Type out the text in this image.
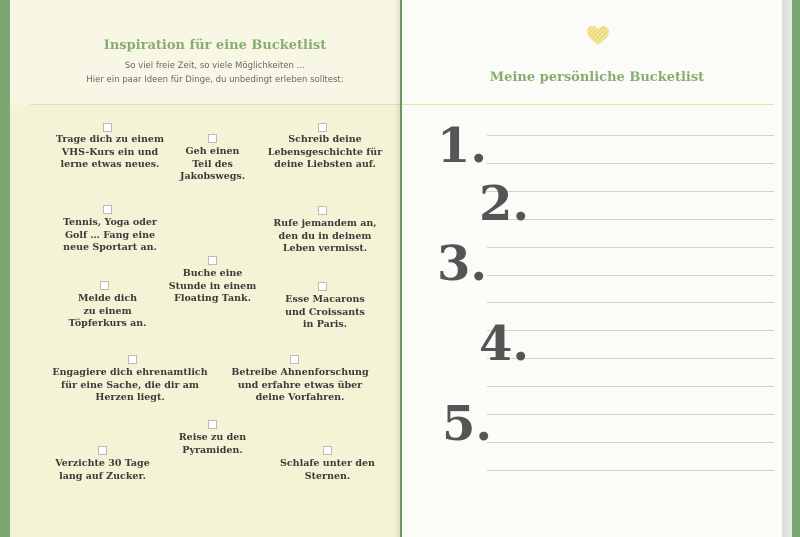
Inspiration für eine Bucketlist
So viel freie Zeit, so viele Möglichkeiten …
Hier ein paar Ideen für Dinge, du unbedingt erleben solltest:
Trage dich zu einem
VHS-Kurs ein und
lerne etwas neues.
Geh einen
Teil des
Jakobswegs.
Schreib deine
Lebensgeschichte für
deine Liebsten auf.
Tennis, Yoga oder
Golf … Fang eine
neue Sportart an.
Rufe jemandem an,
den du in deinem
Leben vermisst.
Buche eine
Stunde in einem
Floating Tank.
Melde dich
zu einem
Töpferkurs an.
Esse Macarons
und Croissants
in Paris.
Engagiere dich ehrenamtlich
für eine Sache, die dir am
Herzen liegt.
Betreibe Ahnenforschung
und erfahre etwas über
deine Vorfahren.
Reise zu den
Pyramiden.
Verzichte 30 Tage
lang auf Zucker.
Schlafe unter den
Sternen.
Meine persönliche Bucketlist
1.
2.
3.
4.
5.
